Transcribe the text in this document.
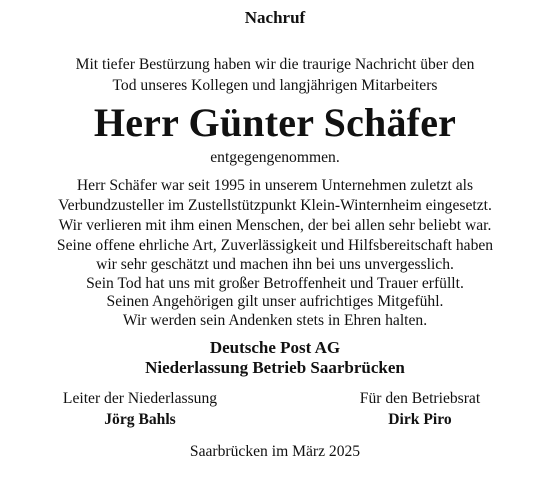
Nachruf
Mit tiefer Bestürzung haben wir die traurige Nachricht über den
Tod unseres Kollegen und langjährigen Mitarbeiters
Herr Günter Schäfer
entgegengenommen.
Herr Schäfer war seit 1995 in unserem Unternehmen zuletzt als
Verbundzusteller im Zustellstützpunkt Klein-Winternheim eingesetzt.
Wir verlieren mit ihm einen Menschen, der bei allen sehr beliebt war.
Seine offene ehrliche Art, Zuverlässigkeit und Hilfsbereitschaft haben
wir sehr geschätzt und machen ihn bei uns unvergesslich.
Sein Tod hat uns mit großer Betroffenheit und Trauer erfüllt.
Seinen Angehörigen gilt unser aufrichtiges Mitgefühl.
Wir werden sein Andenken stets in Ehren halten.
Deutsche Post AG
Niederlassung Betrieb Saarbrücken
Leiter der Niederlassung
Jörg Bahls
Für den Betriebsrat
Dirk Piro
Saarbrücken im März 2025
